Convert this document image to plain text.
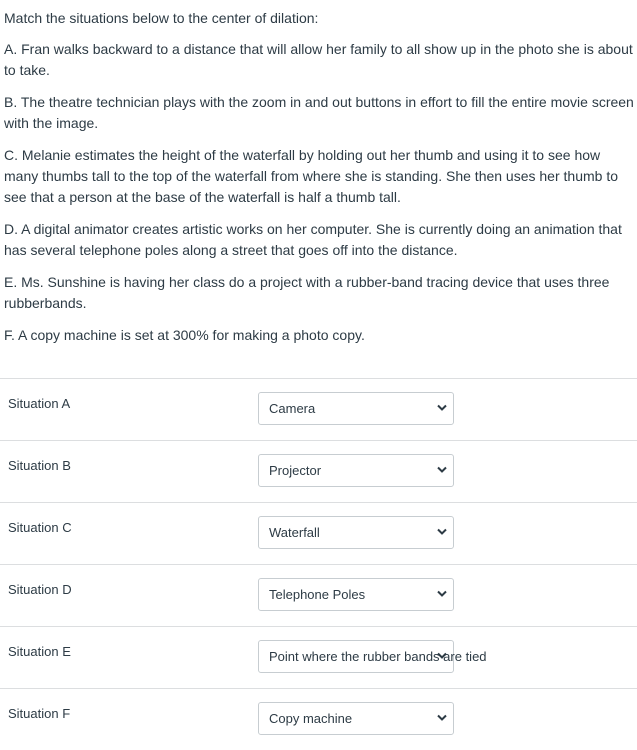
Match the situations below to the center of dilation:

A. Fran walks backward to a distance that will allow her family to all show up in the photo she is about to take.

B. The theatre technician plays with the zoom in and out buttons in effort to fill the entire movie screen with the image.

C. Melanie estimates the height of the waterfall by holding out her thumb and using it to see how many thumbs tall to the top of the waterfall from where she is standing. She then uses her thumb to see that a person at the base of the waterfall is half a thumb tall.

D. A digital animator creates artistic works on her computer. She is currently doing an animation that has several telephone poles along a street that goes off into the distance.

E. Ms. Sunshine is having her class do a project with a rubber-band tracing device that uses three rubberbands.

F. A copy machine is set at 300% for making a photo copy.

Situation A	Camera
Situation B	Projector
Situation C	Waterfall
Situation D	Telephone Poles
Situation E	Point where the rubber bands are tied
Situation F	Copy machine
